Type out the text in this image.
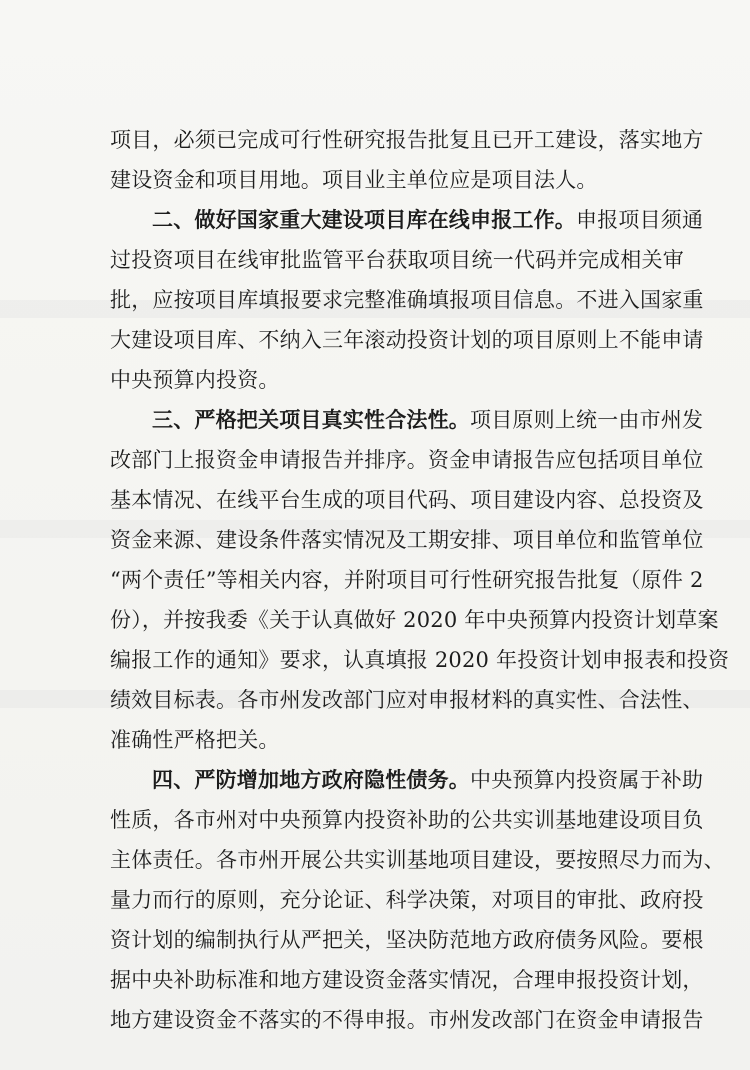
项目，必须已完成可行性研究报告批复且已开工建设，落实地方
建设资金和项目用地。项目业主单位应是项目法人。
二、做好国家重大建设项目库在线申报工作。申报项目须通
过投资项目在线审批监管平台获取项目统一代码并完成相关审
批，应按项目库填报要求完整准确填报项目信息。不进入国家重
大建设项目库、不纳入三年滚动投资计划的项目原则上不能申请
中央预算内投资。
三、严格把关项目真实性合法性。项目原则上统一由市州发
改部门上报资金申请报告并排序。资金申请报告应包括项目单位
基本情况、在线平台生成的项目代码、项目建设内容、总投资及
资金来源、建设条件落实情况及工期安排、项目单位和监管单位
“两个责任”等相关内容，并附项目可行性研究报告批复（原件 2
份），并按我委《关于认真做好 2020 年中央预算内投资计划草案
编报工作的通知》要求，认真填报 2020 年投资计划申报表和投资
绩效目标表。各市州发改部门应对申报材料的真实性、合法性、
准确性严格把关。
四、严防增加地方政府隐性债务。中央预算内投资属于补助
性质，各市州对中央预算内投资补助的公共实训基地建设项目负
主体责任。各市州开展公共实训基地项目建设，要按照尽力而为、
量力而行的原则，充分论证、科学决策，对项目的审批、政府投
资计划的编制执行从严把关，坚决防范地方政府债务风险。要根
据中央补助标准和地方建设资金落实情况，合理申报投资计划，
地方建设资金不落实的不得申报。市州发改部门在资金申请报告
